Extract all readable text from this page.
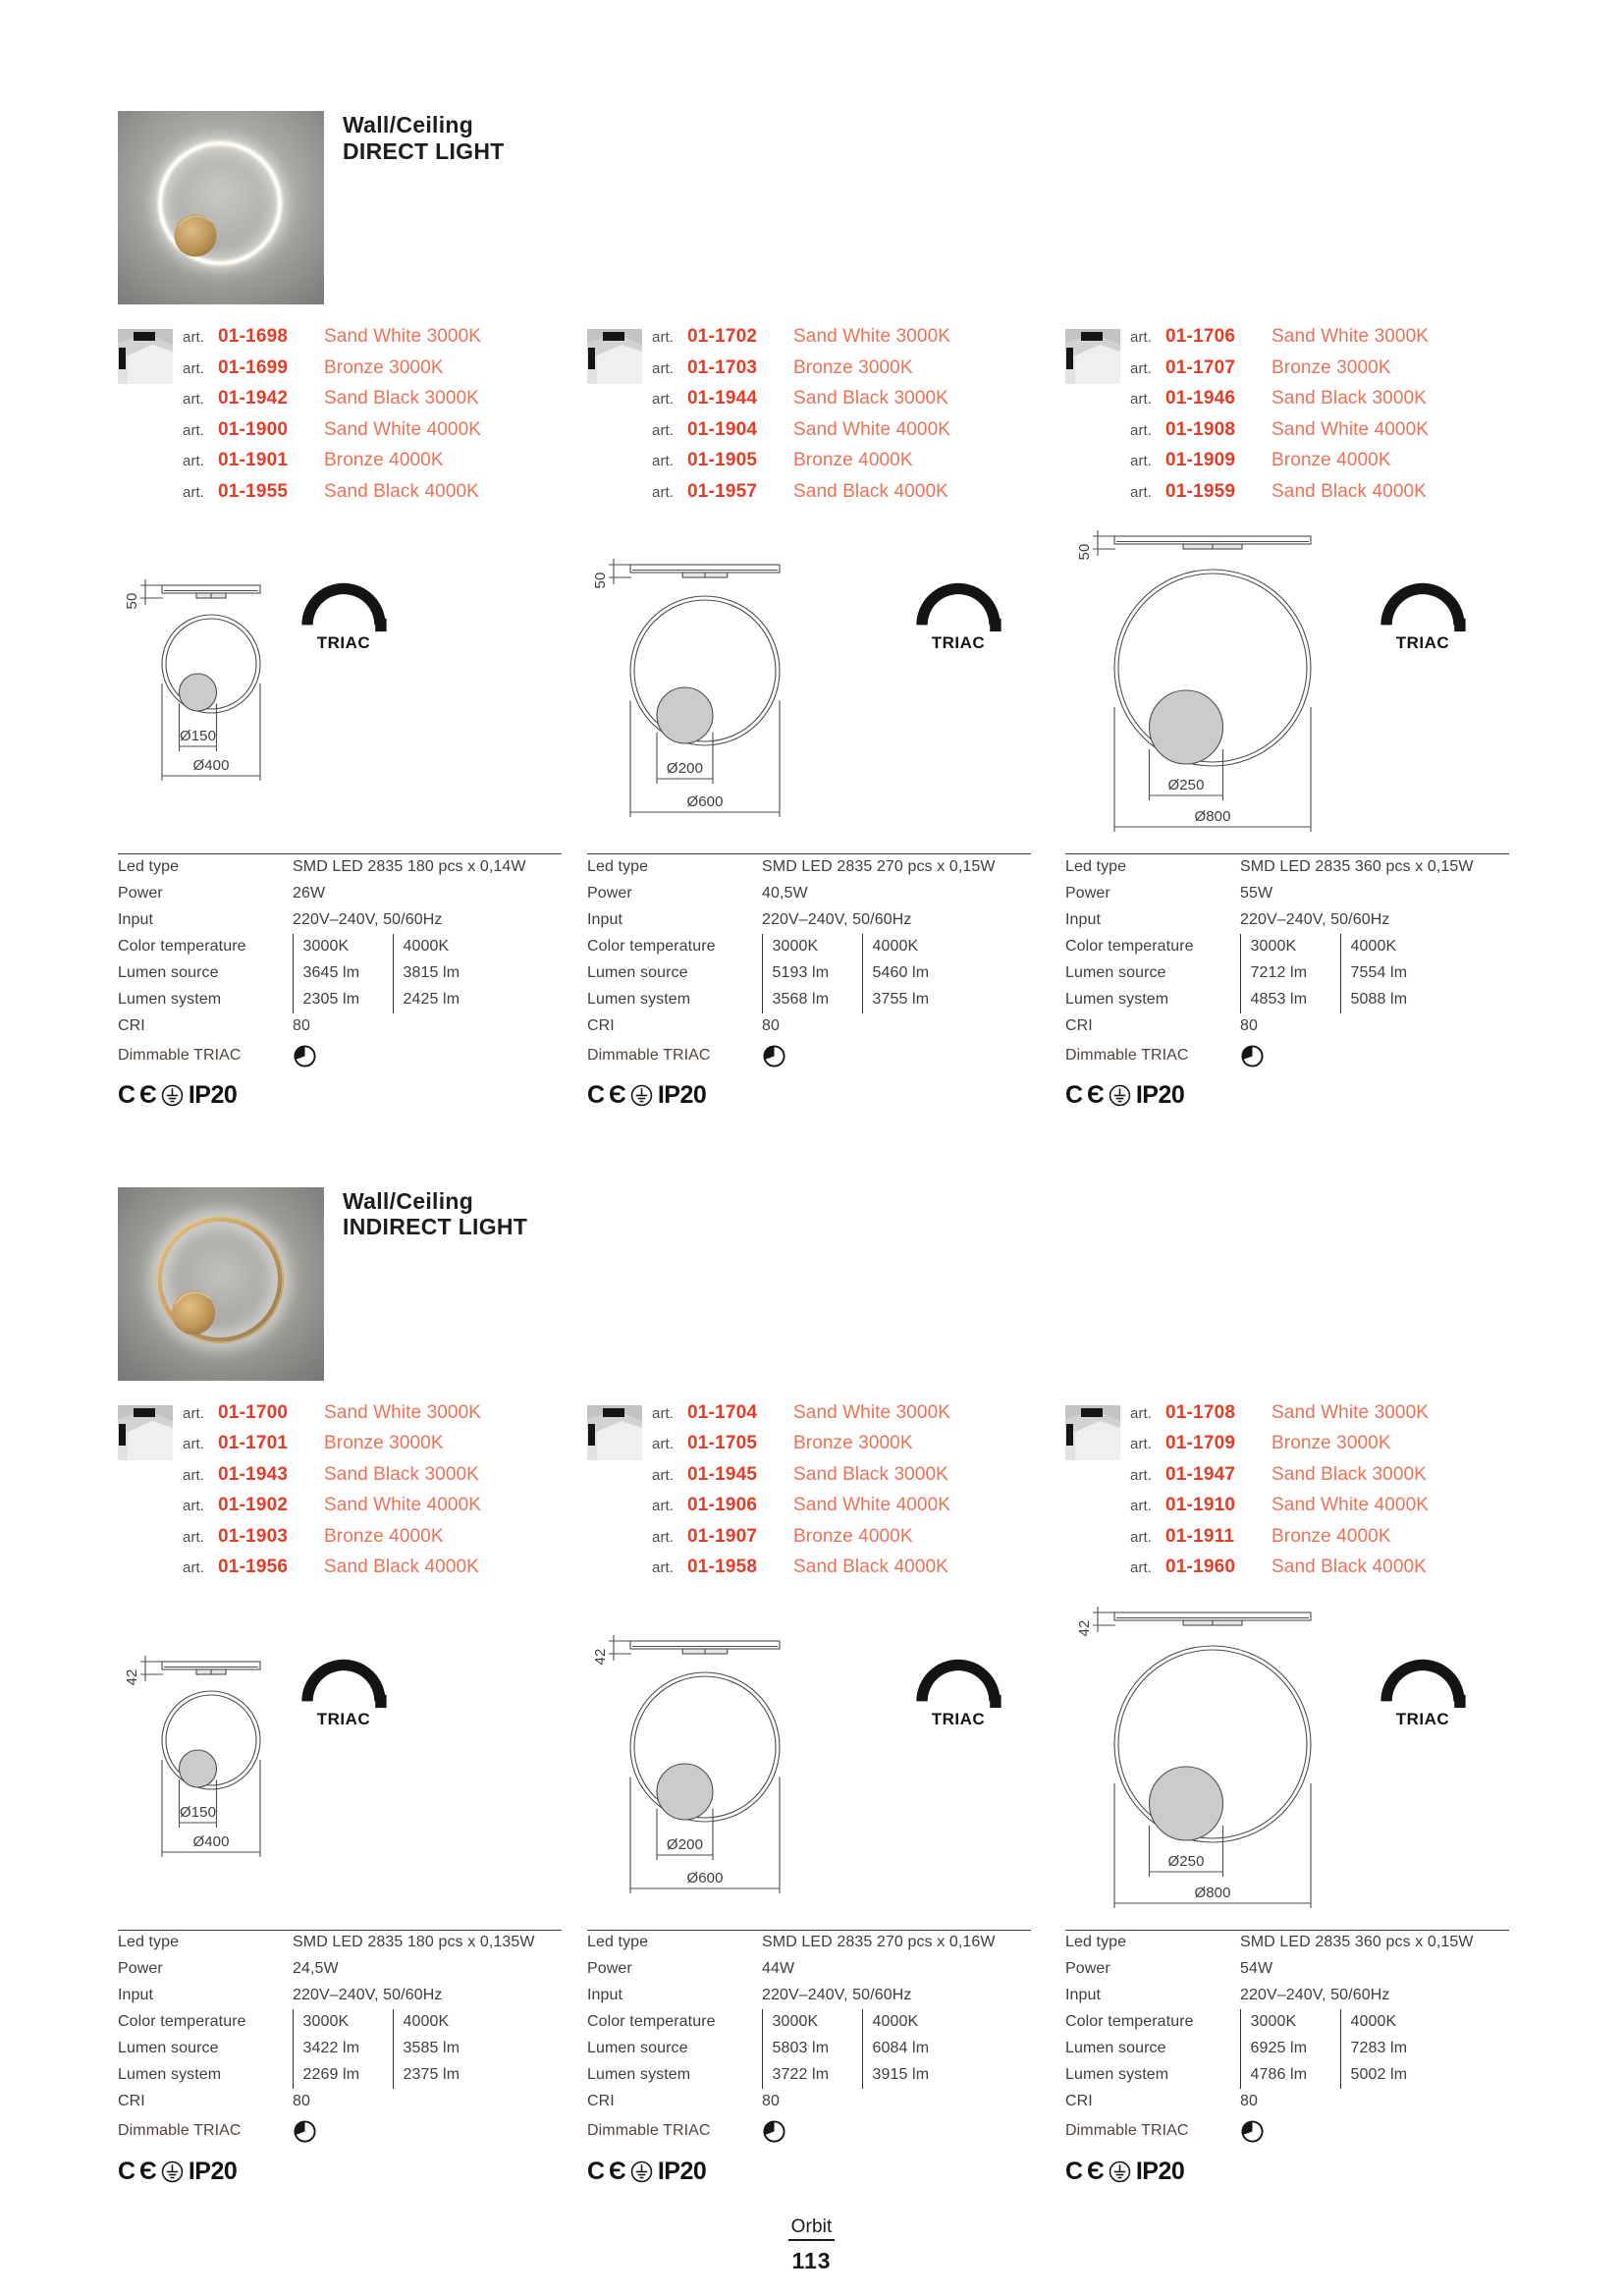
Wall/Ceiling
DIRECT LIGHT
art. 01-1698	Sand White 3000K
art. 01-1699	Bronze 3000K
art. 01-1942	Sand Black 3000K
art. 01-1900	Sand White 4000K
art. 01-1901	Bronze 4000K
art. 01-1955	Sand Black 4000K
50
Ø150
Ø400
TRIAC
Led type	SMD LED 2835 180 pcs x 0,14W	
Power	26W	
Input	220V–240V, 50/60Hz	
Color temperature	3000K	4000K
Lumen source	3645 lm	3815 lm
Lumen system	2305 lm	2425 lm
CRI	80	
Dimmable TRIAC	
CЄ IP20
art. 01-1702	Sand White 3000K
art. 01-1703	Bronze 3000K
art. 01-1944	Sand Black 3000K
art. 01-1904	Sand White 4000K
art. 01-1905	Bronze 4000K
art. 01-1957	Sand Black 4000K
50
Ø200
Ø600
TRIAC
Led type	SMD LED 2835 270 pcs x 0,15W	
Power	40,5W	
Input	220V–240V, 50/60Hz	
Color temperature	3000K	4000K
Lumen source	5193 lm	5460 lm
Lumen system	3568 lm	3755 lm
CRI	80	
Dimmable TRIAC	
CЄ IP20
art. 01-1706	Sand White 3000K
art. 01-1707	Bronze 3000K
art. 01-1946	Sand Black 3000K
art. 01-1908	Sand White 4000K
art. 01-1909	Bronze 4000K
art. 01-1959	Sand Black 4000K
50
Ø250
Ø800
TRIAC
Led type	SMD LED 2835 360 pcs x 0,15W	
Power	55W	
Input	220V–240V, 50/60Hz	
Color temperature	3000K	4000K
Lumen source	7212 lm	7554 lm
Lumen system	4853 lm	5088 lm
CRI	80	
Dimmable TRIAC	
CЄ IP20
Wall/Ceiling
INDIRECT LIGHT
art. 01-1700	Sand White 3000K
art. 01-1701	Bronze 3000K
art. 01-1943	Sand Black 3000K
art. 01-1902	Sand White 4000K
art. 01-1903	Bronze 4000K
art. 01-1956	Sand Black 4000K
42
Ø150
Ø400
TRIAC
Led type	SMD LED 2835 180 pcs x 0,135W	
Power	24,5W	
Input	220V–240V, 50/60Hz	
Color temperature	3000K	4000K
Lumen source	3422 lm	3585 lm
Lumen system	2269 lm	2375 lm
CRI	80	
Dimmable TRIAC	
CЄ IP20
art. 01-1704	Sand White 3000K
art. 01-1705	Bronze 3000K
art. 01-1945	Sand Black 3000K
art. 01-1906	Sand White 4000K
art. 01-1907	Bronze 4000K
art. 01-1958	Sand Black 4000K
42
Ø200
Ø600
TRIAC
Led type	SMD LED 2835 270 pcs x 0,16W	
Power	44W	
Input	220V–240V, 50/60Hz	
Color temperature	3000K	4000K
Lumen source	5803 lm	6084 lm
Lumen system	3722 lm	3915 lm
CRI	80	
Dimmable TRIAC	
CЄ IP20
art. 01-1708	Sand White 3000K
art. 01-1709	Bronze 3000K
art. 01-1947	Sand Black 3000K
art. 01-1910	Sand White 4000K
art. 01-1911	Bronze 4000K
art. 01-1960	Sand Black 4000K
42
Ø250
Ø800
TRIAC
Led type	SMD LED 2835 360 pcs x 0,15W	
Power	54W	
Input	220V–240V, 50/60Hz	
Color temperature	3000K	4000K
Lumen source	6925 lm	7283 lm
Lumen system	4786 lm	5002 lm
CRI	80	
Dimmable TRIAC	
CЄ IP20
Orbit
113
